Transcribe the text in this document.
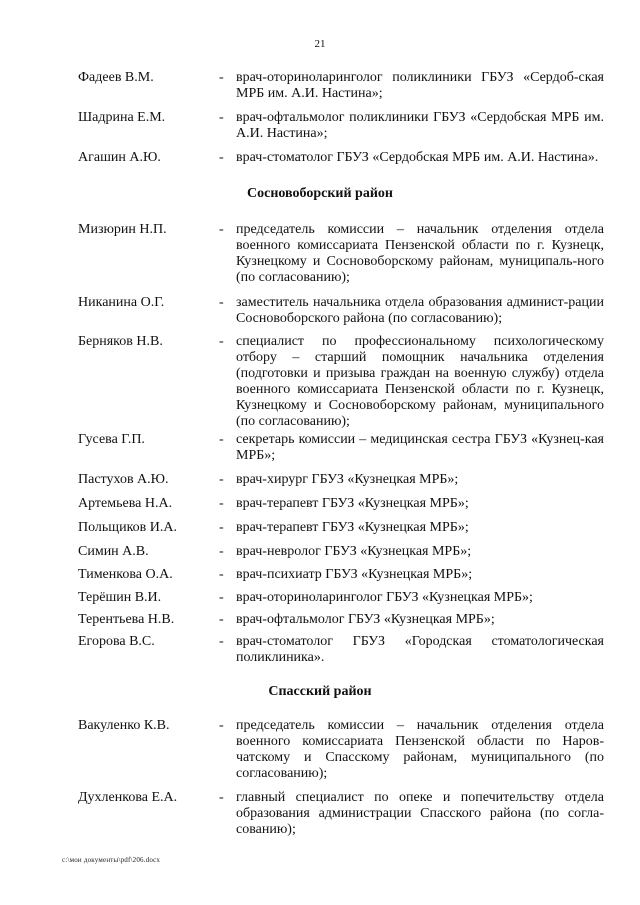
21
Фадеев В.М.	- врач-оториноларинголог поликлиники ГБУЗ «Сердоб-ская МРБ им. А.И. Настина»;
Шадрина Е.М.	- врач-офтальмолог поликлиники ГБУЗ «Сердобская МРБ им. А.И. Настина»;
Агашин А.Ю.	- врач-стоматолог ГБУЗ «Сердобская МРБ им. А.И. Настина».
Сосновоборский район
Мизюрин Н.П.	- председатель комиссии – начальник отделения отдела военного комиссариата Пензенской области по г. Кузнецк, Кузнецкому и Сосновоборскому районам, муниципаль-ного (по согласованию);
Никанина О.Г.	- заместитель начальника отдела образования админист-рации Сосновоборского района (по согласованию);
Берняков Н.В.	- специалист по профессиональному психологическому отбору – старший помощник начальника отделения (подготовки и призыва граждан на военную службу) отдела военного комиссариата Пензенской области по г. Кузнецк, Кузнецкому и Сосновоборскому районам, муниципального (по согласованию);
Гусева Г.П.	- секретарь комиссии – медицинская сестра ГБУЗ «Кузнец-кая МРБ»;
Пастухов А.Ю.	- врач-хирург ГБУЗ «Кузнецкая МРБ»;
Артемьева Н.А.	- врач-терапевт ГБУЗ «Кузнецкая МРБ»;
Польщиков И.А.	- врач-терапевт ГБУЗ «Кузнецкая МРБ»;
Симин А.В.	- врач-невролог ГБУЗ «Кузнецкая МРБ»;
Тименкова О.А.	- врач-психиатр ГБУЗ «Кузнецкая МРБ»;
Терёшин В.И.	- врач-оториноларинголог ГБУЗ «Кузнецкая МРБ»;
Терентьева Н.В.	- врач-офтальмолог ГБУЗ «Кузнецкая МРБ»;
Егорова В.С.	- врач-стоматолог ГБУЗ «Городская стоматологическая поликлиника».
Спасский район
Вакуленко К.В.	- председатель комиссии – начальник отделения отдела военного комиссариата Пензенской области по Наров-чатскому и Спасскому районам, муниципального (по согласованию);
Духленкова Е.А.	- главный специалист по опеке и попечительству отдела образования администрации Спасского района (по согла-сованию);
c:\мои документы\pdf\206.docx
